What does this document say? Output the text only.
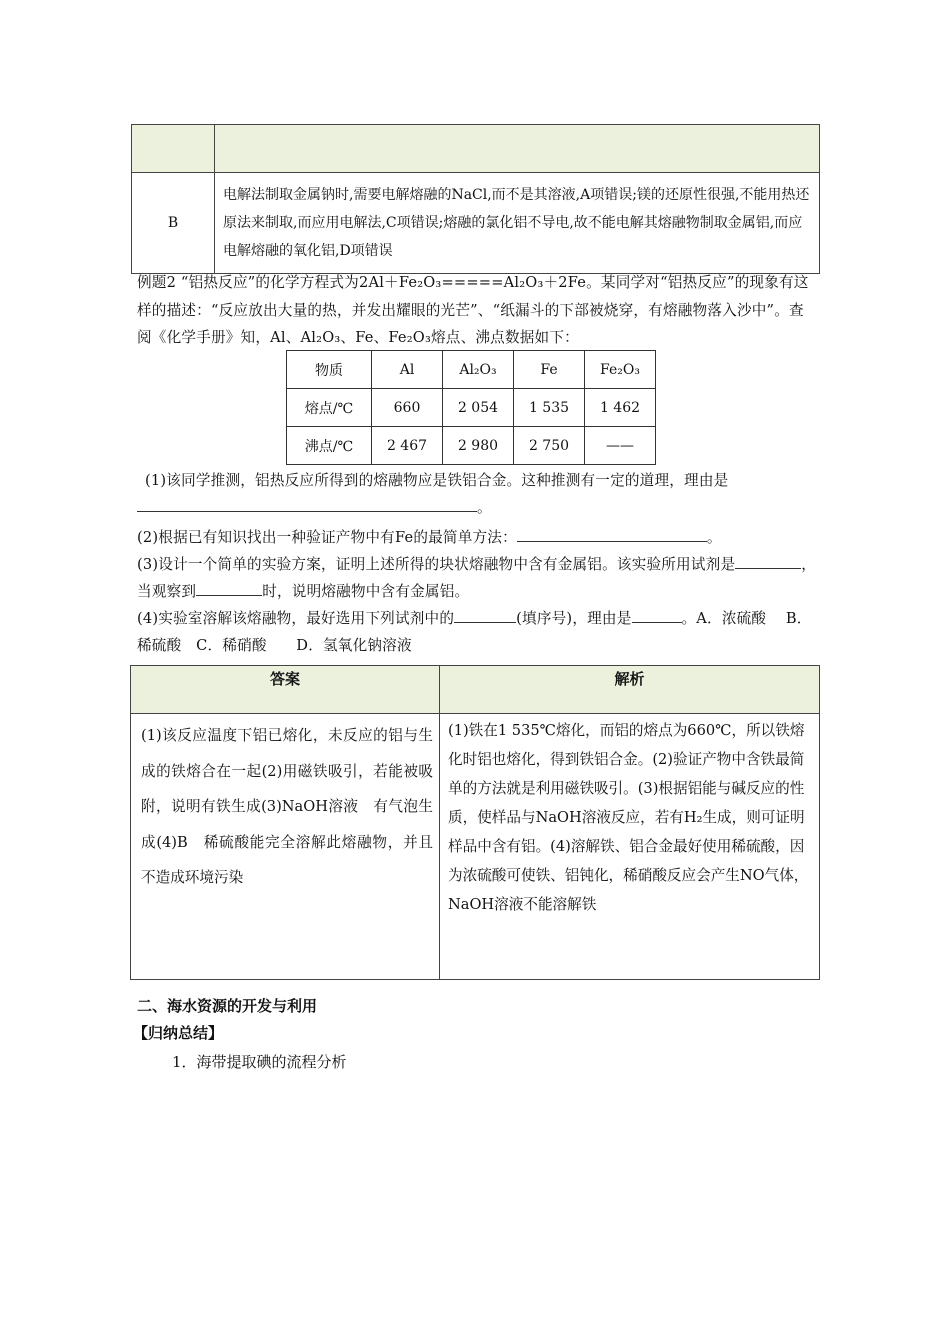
B	电解法制取金属钠时,需要电解熔融的NaCl,而不是其溶液,A项错误;镁的还原性很强,不能用热还原法来制取,而应用电解法,C项错误;熔融的氯化铝不导电,故不能电解其熔融物制取金属铝,而应电解熔融的氧化铝,D项错误
例题2 “铝热反应”的化学方程式为2Al＋Fe₂O₃=====Al₂O₃＋2Fe。某同学对“铝热反应”的现象有这样的描述：“反应放出大量的热，并发出耀眼的光芒”、“纸漏斗的下部被烧穿，有熔融物落入沙中”。查阅《化学手册》知，Al、Al₂O₃、Fe、Fe₂O₃熔点、沸点数据如下：
物质	Al	Al₂O₃	Fe	Fe₂O₃
熔点/℃	660	2 054	1 535	1 462
沸点/℃	2 467	2 980	2 750	——
(1)该同学推测，铝热反应所得到的熔融物应是铁铝合金。这种推测有一定的道理，理由是
。
(2)根据已有知识找出一种验证产物中有Fe的最简单方法：	。
(3)设计一个简单的实验方案，证明上述所得的块状熔融物中含有金属铝。该实验所用试剂是	，当观察到	时，说明熔融物中含有金属铝。
(4)实验室溶解该熔融物，最好选用下列试剂中的	(填序号)，理由是	。A．浓硫酸　 B．稀硫酸　C．稀硝酸　　D．氢氧化钠溶液
答案	解析
(1)该反应温度下铝已熔化，未反应的铝与生成的铁熔合在一起(2)用磁铁吸引，若能被吸附，说明有铁生成(3)NaOH溶液　有气泡生成(4)B　稀硫酸能完全溶解此熔融物，并且不造成环境污染	(1)铁在1 535℃熔化，而铝的熔点为660℃，所以铁熔化时铝也熔化，得到铁铝合金。(2)验证产物中含铁最简单的方法就是利用磁铁吸引。(3)根据铝能与碱反应的性质，使样品与NaOH溶液反应，若有H₂生成，则可证明样品中含有铝。(4)溶解铁、铝合金最好使用稀硫酸，因为浓硫酸可使铁、铝钝化，稀硝酸反应会产生NO气体，NaOH溶液不能溶解铁
二、海水资源的开发与利用
【归纳总结】
1．海带提取碘的流程分析
